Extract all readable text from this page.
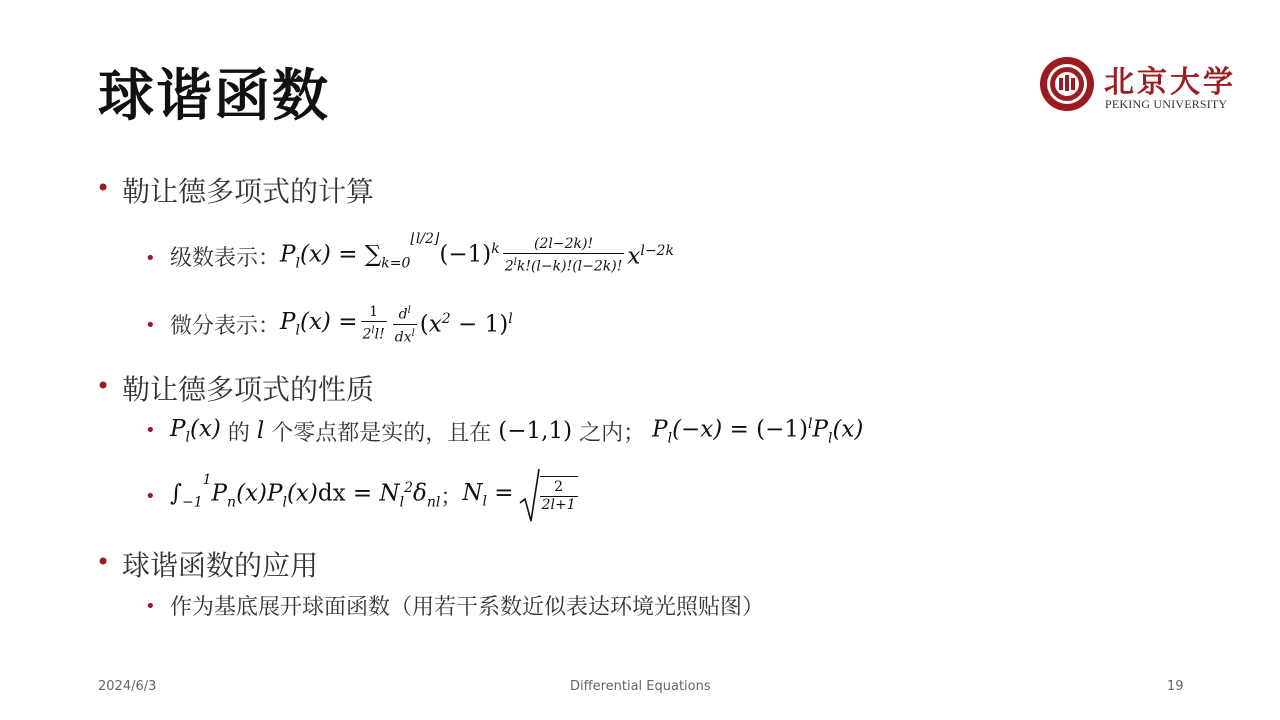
球谐函数	北京大学
PEKING UNIVERSITY
• 勒让德多项式的计算
• 级数表示： $P_l(x) = \sum_{k=0}^{⌊l/2⌋}(-1)^k \frac{(2l-2k)!}{2^lk!(l-k)!(l-2k)!} x^{l-2k}$
• 微分表示： $P_l(x) = \frac{1}{2^ll!} \frac{d^l}{dx^l} (x^2 - 1)^l$
• 勒让德多项式的性质
• $P_l(x)$
的
l
个零点都是实的，且在
(−1,1)
之内；
$P_l(-x) = (-1)^lP_l(x)$
• $\int_{-1}^1P_n(x)P_l(x)dx = N_l^2\delta_{nl}$ ； $N_l = \frac{2}{2l+1}$
• 球谐函数的应用
• 作为基底展开球面函数（用若干系数近似表达环境光照贴图）
2024/6/3	Differential Equations	19
